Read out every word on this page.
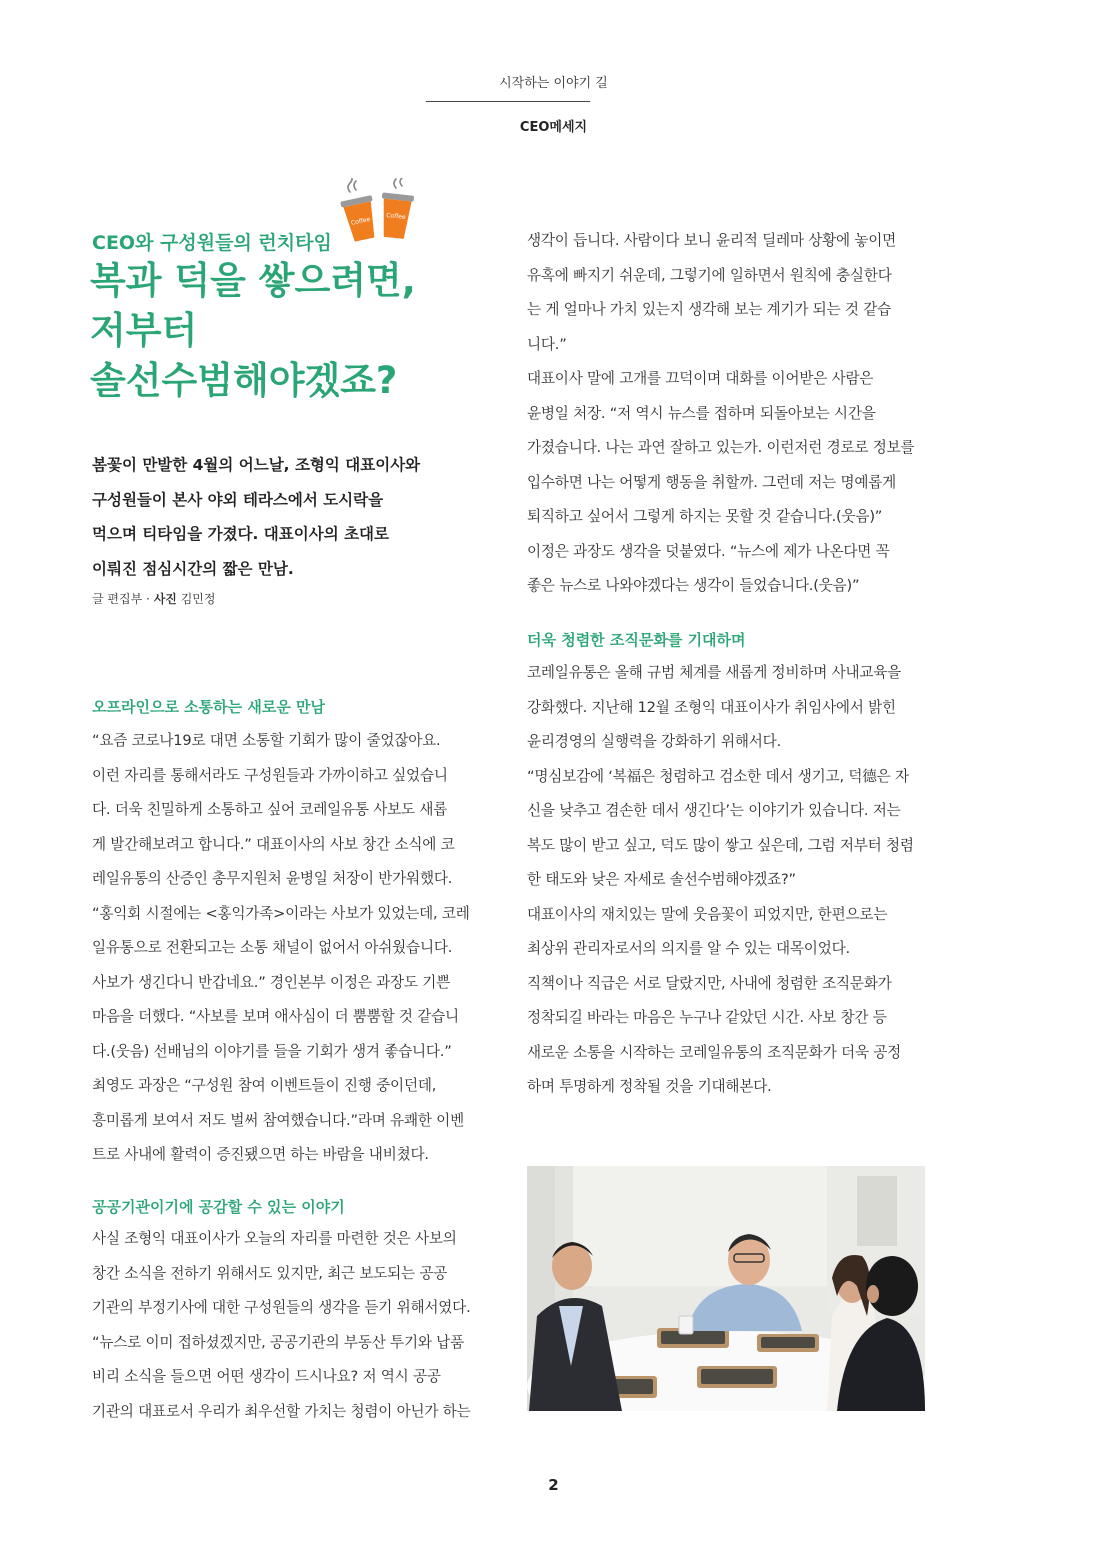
시작하는 이야기 길
CEO메세지
Coffee	Coffee
CEO와 구성원들의 런치타임
복과 덕을 쌓으려면,
저부터
솔선수범해야겠죠?
봄꽃이 만발한 4월의 어느날, 조형익 대표이사와
구성원들이 본사 야외 테라스에서 도시락을
먹으며 티타임을 가졌다. 대표이사의 초대로
이뤄진 점심시간의 짧은 만남.
글 편집부 · 사진 김민정
오프라인으로 소통하는 새로운 만남
“요즘 코로나19로 대면 소통할 기회가 많이 줄었잖아요.
이런 자리를 통해서라도 구성원들과 가까이하고 싶었습니
다. 더욱 친밀하게 소통하고 싶어 코레일유통 사보도 새롭
게 발간해보려고 합니다.” 대표이사의 사보 창간 소식에 코
레일유통의 산증인 총무지원처 윤병일 처장이 반가워했다.
“홍익회 시절에는 <홍익가족>이라는 사보가 있었는데, 코레
일유통으로 전환되고는 소통 채널이 없어서 아쉬웠습니다.
사보가 생긴다니 반갑네요.” 경인본부 이정은 과장도 기쁜
마음을 더했다. “사보를 보며 애사심이 더 뿜뿜할 것 같습니
다.(웃음) 선배님의 이야기를 들을 기회가 생겨 좋습니다.”
최영도 과장은 “구성원 참여 이벤트들이 진행 중이던데,
흥미롭게 보여서 저도 벌써 참여했습니다.”라며 유쾌한 이벤
트로 사내에 활력이 증진됐으면 하는 바람을 내비쳤다.
공공기관이기에 공감할 수 있는 이야기
사실 조형익 대표이사가 오늘의 자리를 마련한 것은 사보의
창간 소식을 전하기 위해서도 있지만, 최근 보도되는 공공
기관의 부정기사에 대한 구성원들의 생각을 듣기 위해서였다.
“뉴스로 이미 접하셨겠지만, 공공기관의 부동산 투기와 납품
비리 소식을 들으면 어떤 생각이 드시나요? 저 역시 공공
기관의 대표로서 우리가 최우선할 가치는 청렴이 아닌가 하는
생각이 듭니다. 사람이다 보니 윤리적 딜레마 상황에 놓이면
유혹에 빠지기 쉬운데, 그렇기에 일하면서 원칙에 충실한다
는 게 얼마나 가치 있는지 생각해 보는 계기가 되는 것 같습
니다.”
대표이사 말에 고개를 끄덕이며 대화를 이어받은 사람은
윤병일 처장. “저 역시 뉴스를 접하며 되돌아보는 시간을
가졌습니다. 나는 과연 잘하고 있는가. 이런저런 경로로 정보를
입수하면 나는 어떻게 행동을 취할까. 그런데 저는 명예롭게
퇴직하고 싶어서 그렇게 하지는 못할 것 같습니다.(웃음)”
이정은 과장도 생각을 덧붙였다. “뉴스에 제가 나온다면 꼭
좋은 뉴스로 나와야겠다는 생각이 들었습니다.(웃음)”
더욱 청렴한 조직문화를 기대하며
코레일유통은 올해 규범 체계를 새롭게 정비하며 사내교육을
강화했다. 지난해 12월 조형익 대표이사가 취임사에서 밝힌
윤리경영의 실행력을 강화하기 위해서다.
“명심보감에 ‘복福은 청렴하고 검소한 데서 생기고, 덕德은 자
신을 낮추고 겸손한 데서 생긴다’는 이야기가 있습니다. 저는
복도 많이 받고 싶고, 덕도 많이 쌓고 싶은데, 그럼 저부터 청렴
한 태도와 낮은 자세로 솔선수범해야겠죠?”
대표이사의 재치있는 말에 웃음꽃이 피었지만, 한편으로는
최상위 관리자로서의 의지를 알 수 있는 대목이었다.
직책이나 직급은 서로 달랐지만, 사내에 청렴한 조직문화가
정착되길 바라는 마음은 누구나 같았던 시간. 사보 창간 등
새로운 소통을 시작하는 코레일유통의 조직문화가 더욱 공정
하며 투명하게 정착될 것을 기대해본다.
2
